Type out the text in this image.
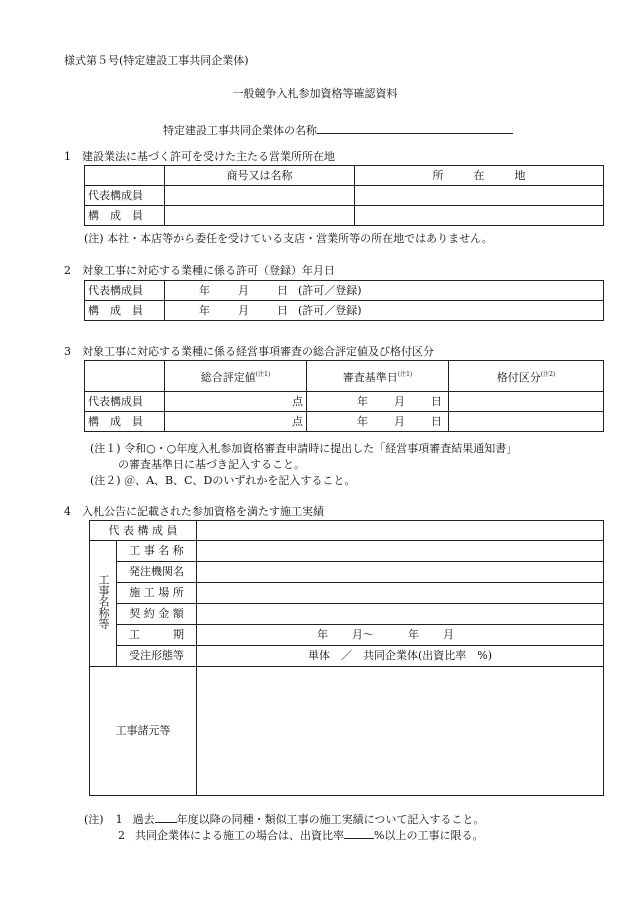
様式第５号(特定建設工事共同企業体)
一般競争入札参加資格等確認資料
特定建設工事共同企業体の名称
1　建設業法に基づく許可を受けた主たる営業所所在地
	商号又は名称	所 在 地
代表構成員		
構　成　員		
(注) 本社・本店等から委任を受けている支店・営業所等の所在地ではありません。
2　対象工事に対応する業種に係る許可（登録）年月日
代表構成員	年 月 日 (許可／登録)
構　成　員	年 月 日 (許可／登録)
3　対象工事に対応する業種に係る経営事項審査の総合評定値及び格付区分
	総合評定値$^{(注1)}$	審査基準日$^{(注1)}$	格付区分$^{(注2)}$
代表構成員	点	年 月 日	
構　成　員	点	年 月 日	
(注１) 令和○・○年度入札参加資格審査申請時に提出した「経営事項審査結果通知書」
の審査基準日に基づき記入すること。
(注２) ＠、A、B、C、Dのいずれかを記入すること。
4　入札公告に記載された参加資格を満たす施工実績
代 表 構 成 員		
工事名称等	工 事 名 称	
	発注機関名	
	施 工 場 所	
	契 約 金 額	
	工　　　期	年 月～ 年 月
	受注形態等	単体　／　共同企業体(出資比率　%)
工事諸元等		
(注) 1 過去 年度以降の同種・類似工事の施工実績について記入すること。
2 共同企業体による施工の場合は、出資比率	%以上の工事に限る。
